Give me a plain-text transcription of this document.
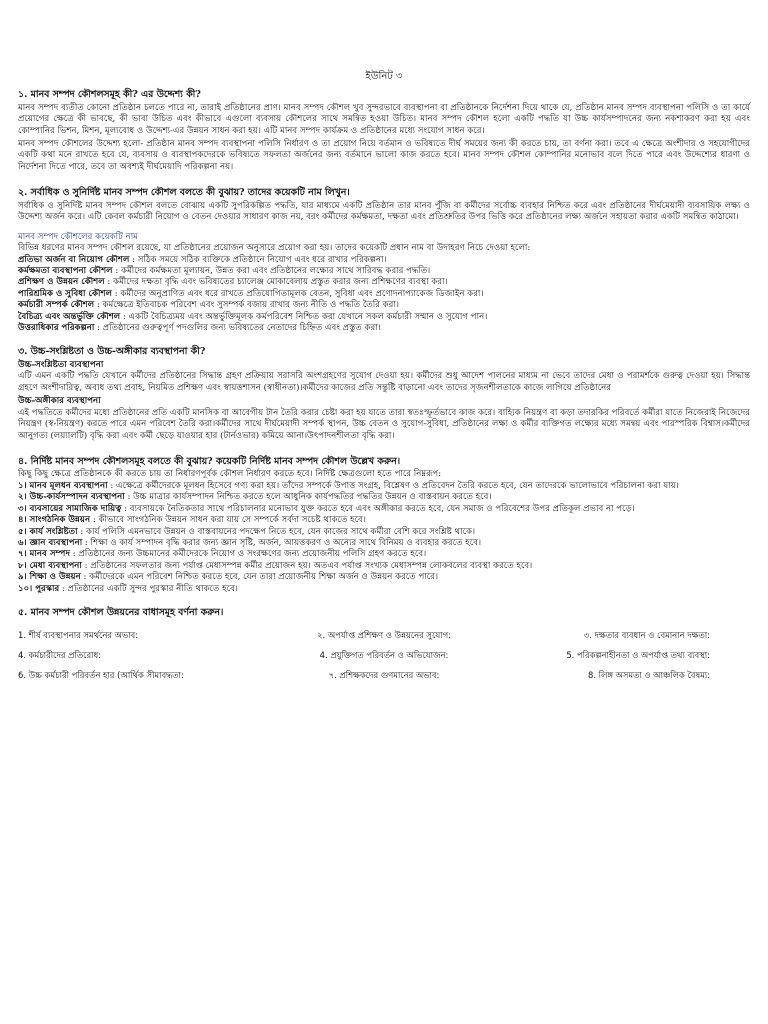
ইউনিট ৩
১. মানব সম্পদ কৌশলসমূহ কী? এর উদ্দেশ্য কী?

মানব সম্পদ ব্যতীত কোনো প্রতিষ্ঠান চলতে পারে না, তারাই প্রতিষ্ঠানের প্রাণ। মানব সম্পদ কৌশল খুব সুন্দরভাবে ব্যবস্থাপনা বা প্রতিষ্ঠানকে নির্দেশনা দিয়ে থাকে যে, প্রতিষ্ঠান মানব সম্পদ ব্যবস্থাপনা পলিসি ও তা কার্যে প্রয়োগের ক্ষেত্রে কী ভাবছে, কী ভাবা উচিত এবং কীভাবে এগুলো ব্যবসায় কৌশলের সাথে সমন্বিত হওয়া উচিত। মানব সম্পদ কৌশল হলো একটি পদ্ধতি যা উচ্চ কার্যসম্পাদনের জন্য নকশাকরণ করা হয় এবং কোম্পানির ভিশন, মিশন, মূল্যবোধ ও উদ্দেশ্য-এর উন্নয়ন সাধন করা হয়। এটি মানব সম্পদ কার্যক্রম ও প্রতিষ্ঠানের মধ্যে সংযোগ সাধন করে।

মানব সম্পদ কৌশলের উদ্দেশ্য হলো- প্রতিষ্ঠান মানব সম্পদ ব্যবস্থাপনা পলিসি নির্ধারণ ও তা প্রয়োগ নিয়ে বর্তমান ও ভবিষ্যতে দীর্ঘ সময়ের জন্য কী করতে চায়, তা বর্ণনা করা। তবে এ ক্ষেত্রে অংশীদার ও সহযোগীদের একটি কথা মনে রাখতে হবে যে, ব্যবসায় ও ব্যবস্থাপকদেরকে ভবিষ্যতে সফলতা অর্জনের জন্য বর্তমানে ভালো কাজ করতে হবে। মানব সম্পদ কৌশল কোম্পানির মনোভাব বলে দিতে পারে এবং উদ্দেশ্যের ধারণা ও নির্দেশনা দিতে পারে, তবে তা অবশ্যই দীর্ঘমেয়াদি পরিকল্পনা নয়।

২. সর্বাধিক ও সুনির্দিষ্ট মানব সম্পদ কৌশল বলতে কী বুঝায়? তাদের কয়েকটি নাম লিখুন।

সর্বাধিক ও সুনির্দিষ্ট মানব সম্পদ কৌশল বলতে বোঝায় একটি সুপরিকল্পিত পদ্ধতি, যার মাধ্যমে একটি প্রতিষ্ঠান তার মানব পুঁজি বা কর্মীদের সর্বোচ্চ ব্যবহার নিশ্চিত করে এবং প্রতিষ্ঠানের দীর্ঘমেয়াদী ব্যবসায়িক লক্ষ্য ও উদ্দেশ্য অর্জন করে। এটি কেবল কর্মচারী নিয়োগ ও বেতন দেওয়ার সাধারণ কাজ নয়, বরং কর্মীদের কর্মক্ষমতা, দক্ষতা এবং প্রতিশ্রুতির উপর ভিত্তি করে প্রতিষ্ঠানের লক্ষ্য অর্জনে সহায়তা করার একটি সমন্বিত কাঠামো।

মানব সম্পদ কৌশলের কয়েকটি নাম
বিভিন্ন ধরণের মানব সম্পদ কৌশল রয়েছে, যা প্রতিষ্ঠানের প্রয়োজন অনুসারে প্রয়োগ করা হয়। তাদের কয়েকটি প্রধান নাম বা উদাহরণ নিচে দেওয়া হলো:
প্রতিভা অর্জন বা নিয়োগ কৌশল : সঠিক সময়ে সঠিক ব্যক্তিকে প্রতিষ্ঠানে নিয়োগ এবং ধরে রাখার পরিকল্পনা।
কর্মক্ষমতা ব্যবস্থাপনা কৌশল : কর্মীদের কর্মক্ষমতা মূল্যায়ন, উন্নত করা এবং প্রতিষ্ঠানের লক্ষ্যের সাথে সারিবদ্ধ করার পদ্ধতি।
প্রশিক্ষণ ও উন্নয়ন কৌশল : কর্মীদের দক্ষতা বৃদ্ধি এবং ভবিষ্যতের চ্যালেঞ্জ মোকাবেলায় প্রস্তুত করার জন্য প্রশিক্ষণের ব্যবস্থা করা।
পারিশ্রমিক ও সুবিধা কৌশল : কর্মীদের অনুপ্রাণিত এবং ধরে রাখতে প্রতিযোগিতামূলক বেতন, সুবিধা এবং প্রণোদনাপ্যাকেজ ডিজাইন করা।
কর্মচারী সম্পর্ক কৌশল : কর্মক্ষেত্রে ইতিবাচক পরিবেশ এবং সুসম্পর্ক বজায় রাখার জন্য নীতি ও পদ্ধতি তৈরি করা।
বৈচিত্র্য এবং অন্তর্ভুক্তি কৌশল : একটি বৈচিত্র্যময় এবং অন্তর্ভুক্তিমূলক কর্মপরিবেশ নিশ্চিত করা যেখানে সকল কর্মচারী সম্মান ও সুযোগ পান।
উত্তরাধিকার পরিকল্পনা : প্রতিষ্ঠানের গুরুত্বপূর্ণ পদগুলির জন্য ভবিষ্যতের নেতাদের চিহ্নিত এবং প্রস্তুত করা।
৩. উচ্চ-সংশ্লিষ্টতা ও উচ্চ-অঙ্গীকার ব্যবস্থাপনা কী?
উচ্চ-সংশ্লিষ্টতা ব্যবস্থাপনা

এটি এমন একটি পদ্ধতি যেখানে কর্মীদের প্রতিষ্ঠানের সিদ্ধান্ত গ্রহণ প্রক্রিয়ায় সরাসরি অংশগ্রহণের সুযোগ দেওয়া হয়। কর্মীদের শুধু আদেশ পালনের মাধ্যম না ভেবে তাদের মেধা ও পরামর্শকে গুরুত্ব দেওয়া হয়। সিদ্ধান্ত গ্রহণে অংশীদারিত্ব, অবাধ তথ্য প্রবাহ, নিয়মিত প্রশিক্ষণ এবং স্বায়ত্তশাসন (স্বাধীনতা)।কর্মীদের কাজের প্রতি সন্তুষ্টি বাড়ানো এবং তাদের সৃজনশীলতাকে কাজে লাগিয়ে প্রতিষ্ঠানের

উচ্চ-অঙ্গীকার ব্যবস্থাপনা

এই পদ্ধতিতে কর্মীদের মধ্যে প্রতিষ্ঠানের প্রতি একটি মানসিক বা আবেগীয় টান তৈরি করার চেষ্টা করা হয় যাতে তারা স্বতঃস্ফূর্তভাবে কাজ করে। বাহ্যিক নিয়ন্ত্রণ বা কড়া তদারকির পরিবর্তে কর্মীরা যাতে নিজেরাই নিজেদের নিয়ন্ত্রণ (স্ব-নিয়ন্ত্রণ) করতে পারে এমন পরিবেশ তৈরি করা।কর্মীদের সাথে দীর্ঘমেয়াদী সম্পর্ক স্থাপন, উচ্চ বেতন ও সুযোগ-সুবিধা, প্রতিষ্ঠানের লক্ষ্য ও কর্মীর ব্যক্তিগত লক্ষ্যের মধ্যে সমন্বয় এবং পারস্পরিক বিশ্বাস।কর্মীদের আনুগত্য (লয়্যালটি) বৃদ্ধি করা এবং কর্মী ছেড়ে যাওয়ার হার (টার্নওভার) কমিয়ে আনা।উৎপাদনশীলতা বৃদ্ধি করা।

৪. নির্দিষ্ট মানব সম্পদ কৌশলসমূহ বলতে কী বুঝায়? কয়েকটি নির্দিষ্ট মানব সম্পদ কৌশল উল্লেখ করুন।
কিছু কিছু ক্ষেত্রে প্রতিষ্ঠানকে কী করতে চায় তা নির্ধারণপূর্বক কৌশল নির্ধারণ করতে হবে। নির্দিষ্ট ক্ষেত্রগুলো হতে পারে নিম্নরূপ:
১। মানব মূলধন ব্যবস্থাপনা : এক্ষেত্রে কর্মীদেরকে মূলধন হিসেবে গণ্য করা হয়। তাঁদের সম্পর্কে উপাত্ত সংগ্রহ, বিশ্লেষণ ও প্রতিবেদন তৈরি করতে হবে, যেন তাদেরকে ভালোভাবে পরিচালনা করা যায়।
২। উচ্চ-কার্যসম্পাদন ব্যবস্থাপনা : উচ্চ মাত্রার কার্যসম্পাদন নিশ্চিত করতে হলে আধুনিক কার্যপদ্ধতির পদ্ধতির উন্নয়ন ও বাস্তবায়ন করতে হবে।
৩। ব্যবসায়ের সামাজিক দায়িত্ব : ব্যবসায়কে নৈতিকতার সাথে পরিচালনার মনোভাব যুক্ত করতে হবে এবং অঙ্গীকার করতে হবে, যেন সমাজ ও পরিবেশের উপর প্রতিকূল প্রভাব না পড়ে।
৪। সাংগঠনিক উন্নয়ন : কীভাবে সাংগঠনিক উন্নয়ন সাধন করা যায় সে সম্পর্কে সর্বদা সচেষ্ট থাকতে হবে।
৫। কার্য সংশ্লিষ্টতা : কার্য পলিসি এমনভাবে উন্নয়ন ও বাস্তবায়নের পদক্ষেপ নিতে হবে, যেন কাজের সাথে কর্মীরা বেশি করে সংশ্লিষ্ট থাকে।
৬। জ্ঞান ব্যবস্থাপনা : শিক্ষা ও কার্য সম্পাদন বৃদ্ধি করার জন্য জ্ঞান সৃষ্টি, অর্জন, আয়ত্তকরণ ও অন্যের সাথে বিনিময় ও ব্যবহার করতে হবে।
৭। মানব সম্পদ : প্রতিষ্ঠানের জন্য উচ্চমানের কর্মীদেরকে নিয়োগ ও সংরক্ষণের জন্য প্রয়োজনীয় পলিসি গ্রহণ করতে হবে।
৮। মেধা ব্যবস্থাপনা : প্রতিষ্ঠানের সফলতার জন্য পর্যাপ্ত মেধাসম্পন্ন কর্মীর প্রয়োজন হয়। অতএব পর্যাপ্ত সংখ্যক মেধাসম্পন্ন লোকবলের ব্যবস্থা করতে হবে।
৯। শিক্ষা ও উন্নয়ন : কর্মীদেরকে এমন পরিবেশ নিশ্চিত করতে হবে, যেন তারা প্রয়োজনীয় শিক্ষা অর্জন ও উন্নয়ন করতে পারে।
১০। পুরস্কার : প্রতিষ্ঠানের একটি সুন্দর পুরস্কার নীতি থাকতে হবে।
৫. মানব সম্পদ কৌশল উন্নয়নের বাধাসমূহ বর্ণনা করুন।
1. শীর্ষ ব্যবস্থাপনার সমর্থনের অভাব:	২. অপর্যাপ্ত প্রশিক্ষণ ও উন্নয়নের সুযোগ:	৩. দক্ষতার ব্যবধান ও বেমানান দক্ষতা:
4. কর্মচারীদের প্রতিরোধ:	4. প্রযুক্তিগত পরিবর্তন ও অভিযোজন:	5. পরিকল্পনাহীনতা ও অপর্যাপ্ত তথ্য ব্যবস্থা:
6. উচ্চ কর্মচারী পরিবর্তন হার (আর্থিক সীমাবদ্ধতা:	৭. প্রশিক্ষকদের গুণমানের অভাব:	8. লিঙ্গ অসমতা ও আঞ্চলিক বৈষম্য:
